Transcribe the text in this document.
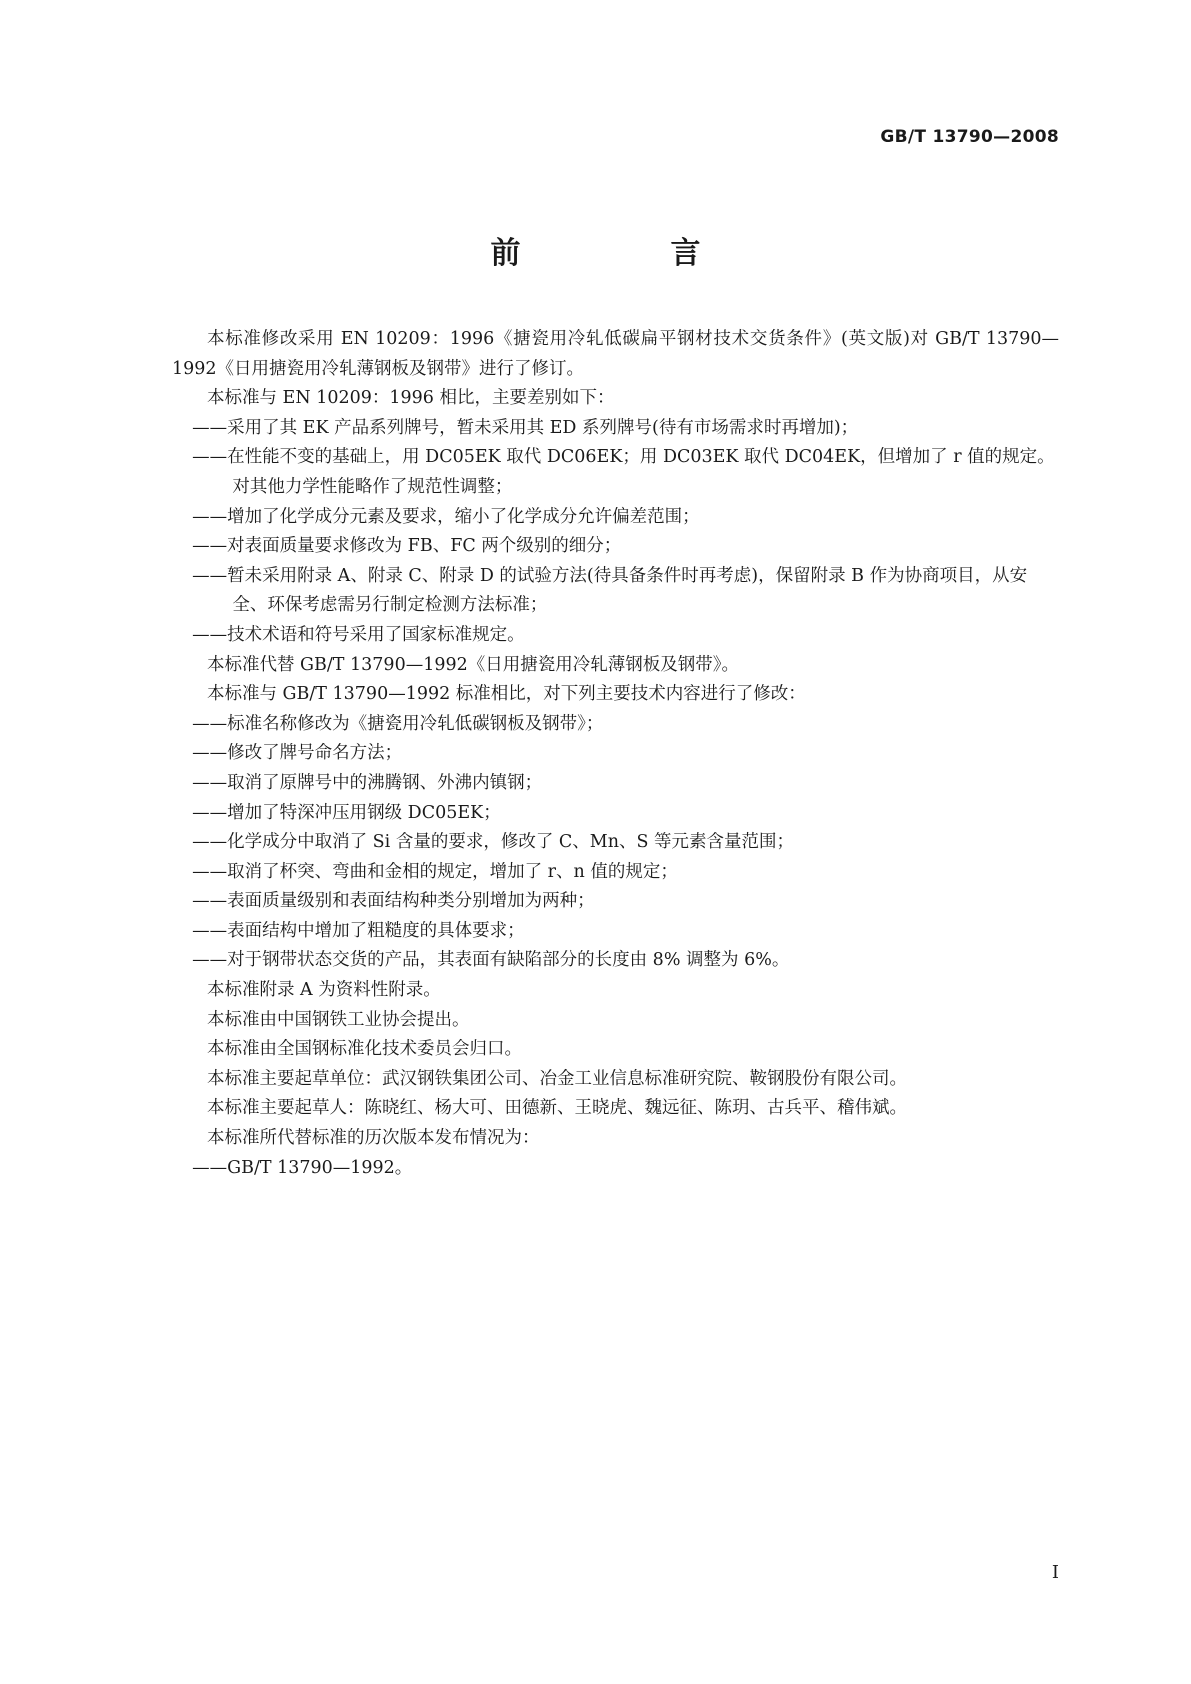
GB/T 13790—2008
前　言

本标准修改采用 EN 10209：1996《搪瓷用冷轧低碳扁平钢材技术交货条件》(英文版)对 GB/T 13790—1992《日用搪瓷用冷轧薄钢板及钢带》进行了修订。

本标准与 EN 10209：1996 相比，主要差别如下：

——采用了其 EK 产品系列牌号，暂未采用其 ED 系列牌号(待有市场需求时再增加)；

——在性能不变的基础上，用 DC05EK 取代 DC06EK；用 DC03EK 取代 DC04EK，但增加了 r 值的规定。对其他力学性能略作了规范性调整；

——增加了化学成分元素及要求，缩小了化学成分允许偏差范围；

——对表面质量要求修改为 FB、FC 两个级别的细分；

——暂未采用附录 A、附录 C、附录 D 的试验方法(待具备条件时再考虑)，保留附录 B 作为协商项目，从安全、环保考虑需另行制定检测方法标准；

——技术术语和符号采用了国家标准规定。

本标准代替 GB/T 13790—1992《日用搪瓷用冷轧薄钢板及钢带》。

本标准与 GB/T 13790—1992 标准相比，对下列主要技术内容进行了修改：

——标准名称修改为《搪瓷用冷轧低碳钢板及钢带》；

——修改了牌号命名方法；

——取消了原牌号中的沸腾钢、外沸内镇钢；

——增加了特深冲压用钢级 DC05EK；

——化学成分中取消了 Si 含量的要求，修改了 C、Mn、S 等元素含量范围；

——取消了杯突、弯曲和金相的规定，增加了 r、n 值的规定；

——表面质量级别和表面结构种类分别增加为两种；

——表面结构中增加了粗糙度的具体要求；

——对于钢带状态交货的产品，其表面有缺陷部分的长度由 8% 调整为 6%。

本标准附录 A 为资料性附录。

本标准由中国钢铁工业协会提出。

本标准由全国钢标准化技术委员会归口。

本标准主要起草单位：武汉钢铁集团公司、冶金工业信息标准研究院、鞍钢股份有限公司。

本标准主要起草人：陈晓红、杨大可、田德新、王晓虎、魏远征、陈玥、古兵平、稽伟斌。

本标准所代替标准的历次版本发布情况为：

——GB/T 13790—1992。

I
